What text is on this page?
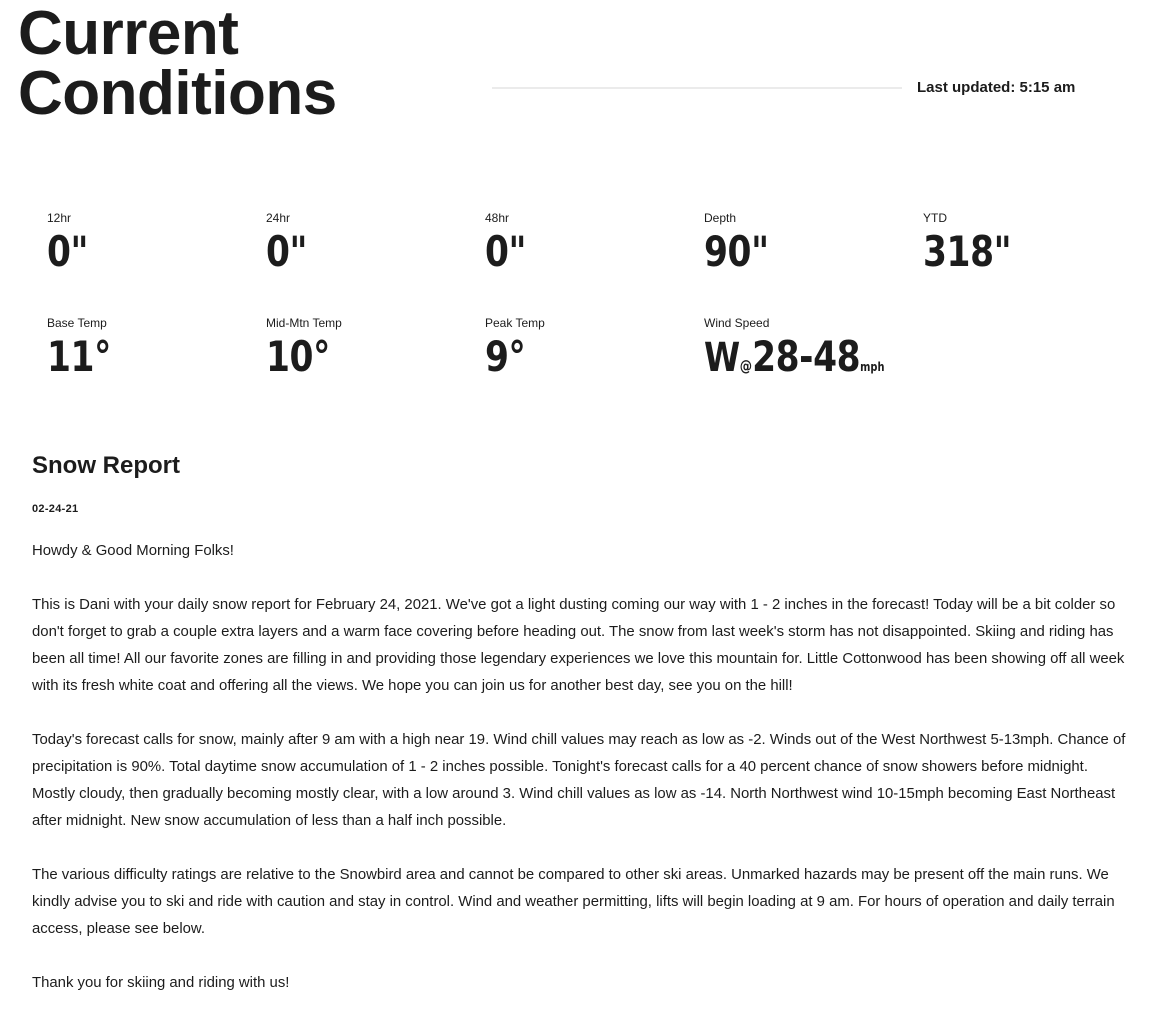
Current
Conditions	Last updated: 5:15 am
12hr
0"
24hr
0"
48hr
0"
Depth
90"
YTD
318"
Base Temp
11°
Mid-Mtn Temp
10°
Peak Temp
9°
Wind Speed
W@28-48mph
Snow Report
02-24-21

Howdy & Good Morning Folks!

This is Dani with your daily snow report for February 24, 2021. We've got a light dusting coming our way with 1 - 2 inches in the forecast! Today will be a bit colder so don't forget to grab a couple extra layers and a warm face covering before heading out. The snow from last week's storm has not disappointed. Skiing and riding has been all time! All our favorite zones are filling in and providing those legendary experiences we love this mountain for. Little Cottonwood has been showing off all week with its fresh white coat and offering all the views. We hope you can join us for another best day, see you on the hill!

Today's forecast calls for snow, mainly after 9 am with a high near 19. Wind chill values may reach as low as -2. Winds out of the West Northwest 5-13mph. Chance of precipitation is 90%. Total daytime snow accumulation of 1 - 2 inches possible. Tonight's forecast calls for a 40 percent chance of snow showers before midnight. Mostly cloudy, then gradually becoming mostly clear, with a low around 3. Wind chill values as low as -14. North Northwest wind 10-15mph becoming East Northeast after midnight. New snow accumulation of less than a half inch possible.

The various difficulty ratings are relative to the Snowbird area and cannot be compared to other ski areas. Unmarked hazards may be present off the main runs. We kindly advise you to ski and ride with caution and stay in control. Wind and weather permitting, lifts will begin loading at 9 am. For hours of operation and daily terrain access, please see below.

Thank you for skiing and riding with us!
